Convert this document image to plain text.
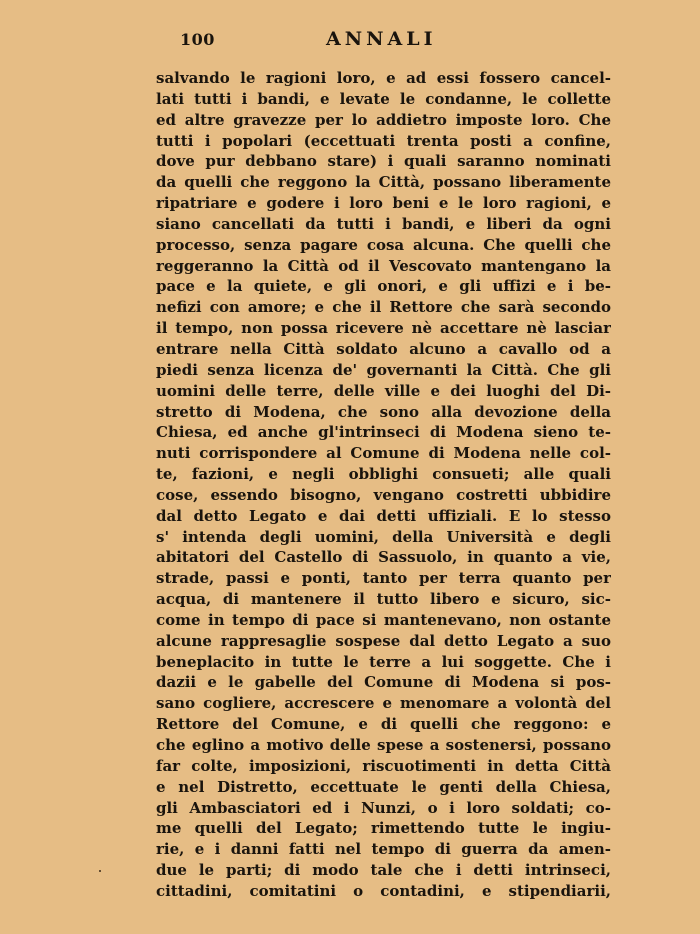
100	ANNALI
salvando le ragioni loro, e ad essi fossero cancel-
lati tutti i bandi, e levate le condanne, le collette
ed altre gravezze per lo addietro imposte loro. Che
tutti i popolari (eccettuati trenta posti a confine,
dove pur debbano stare) i quali saranno nominati
da quelli che reggono la Città, possano liberamente
ripatriare e godere i loro beni e le loro ragioni, e
siano cancellati da tutti i bandi, e liberi da ogni
processo, senza pagare cosa alcuna. Che quelli che
reggeranno la Città od il Vescovato mantengano la
pace e la quiete, e gli onori, e gli uffizi e i be-
nefizi con amore; e che il Rettore che sarà secondo
il tempo, non possa ricevere nè accettare nè lasciar
entrare nella Città soldato alcuno a cavallo od a
piedi senza licenza de' governanti la Città. Che gli
uomini delle terre, delle ville e dei luoghi del Di-
stretto di Modena, che sono alla devozione della
Chiesa, ed anche gl'intrinseci di Modena sieno te-
nuti corrispondere al Comune di Modena nelle col-
te, fazioni, e negli obblighi consueti; alle quali
cose, essendo bisogno, vengano costretti ubbidire
dal detto Legato e dai detti uffiziali. E lo stesso
s' intenda degli uomini, della Università e degli
abitatori del Castello di Sassuolo, in quanto a vie,
strade, passi e ponti, tanto per terra quanto per
acqua, di mantenere il tutto libero e sicuro, sic-
come in tempo di pace si mantenevano, non ostante
alcune rappresaglie sospese dal detto Legato a suo
beneplacito in tutte le terre a lui soggette. Che i
dazii e le gabelle del Comune di Modena si pos-
sano cogliere, accrescere e menomare a volontà del
Rettore del Comune, e di quelli che reggono: e
che eglino a motivo delle spese a sostenersi, possano
far colte, imposizioni, riscuotimenti in detta Città
e nel Distretto, eccettuate le genti della Chiesa,
gli Ambasciatori ed i Nunzi, o i loro soldati; co-
me quelli del Legato; rimettendo tutte le ingiu-
rie, e i danni fatti nel tempo di guerra da amen-
due le parti; di modo tale che i detti intrinseci,
cittadini, comitatini o contadini, e stipendiarii,
